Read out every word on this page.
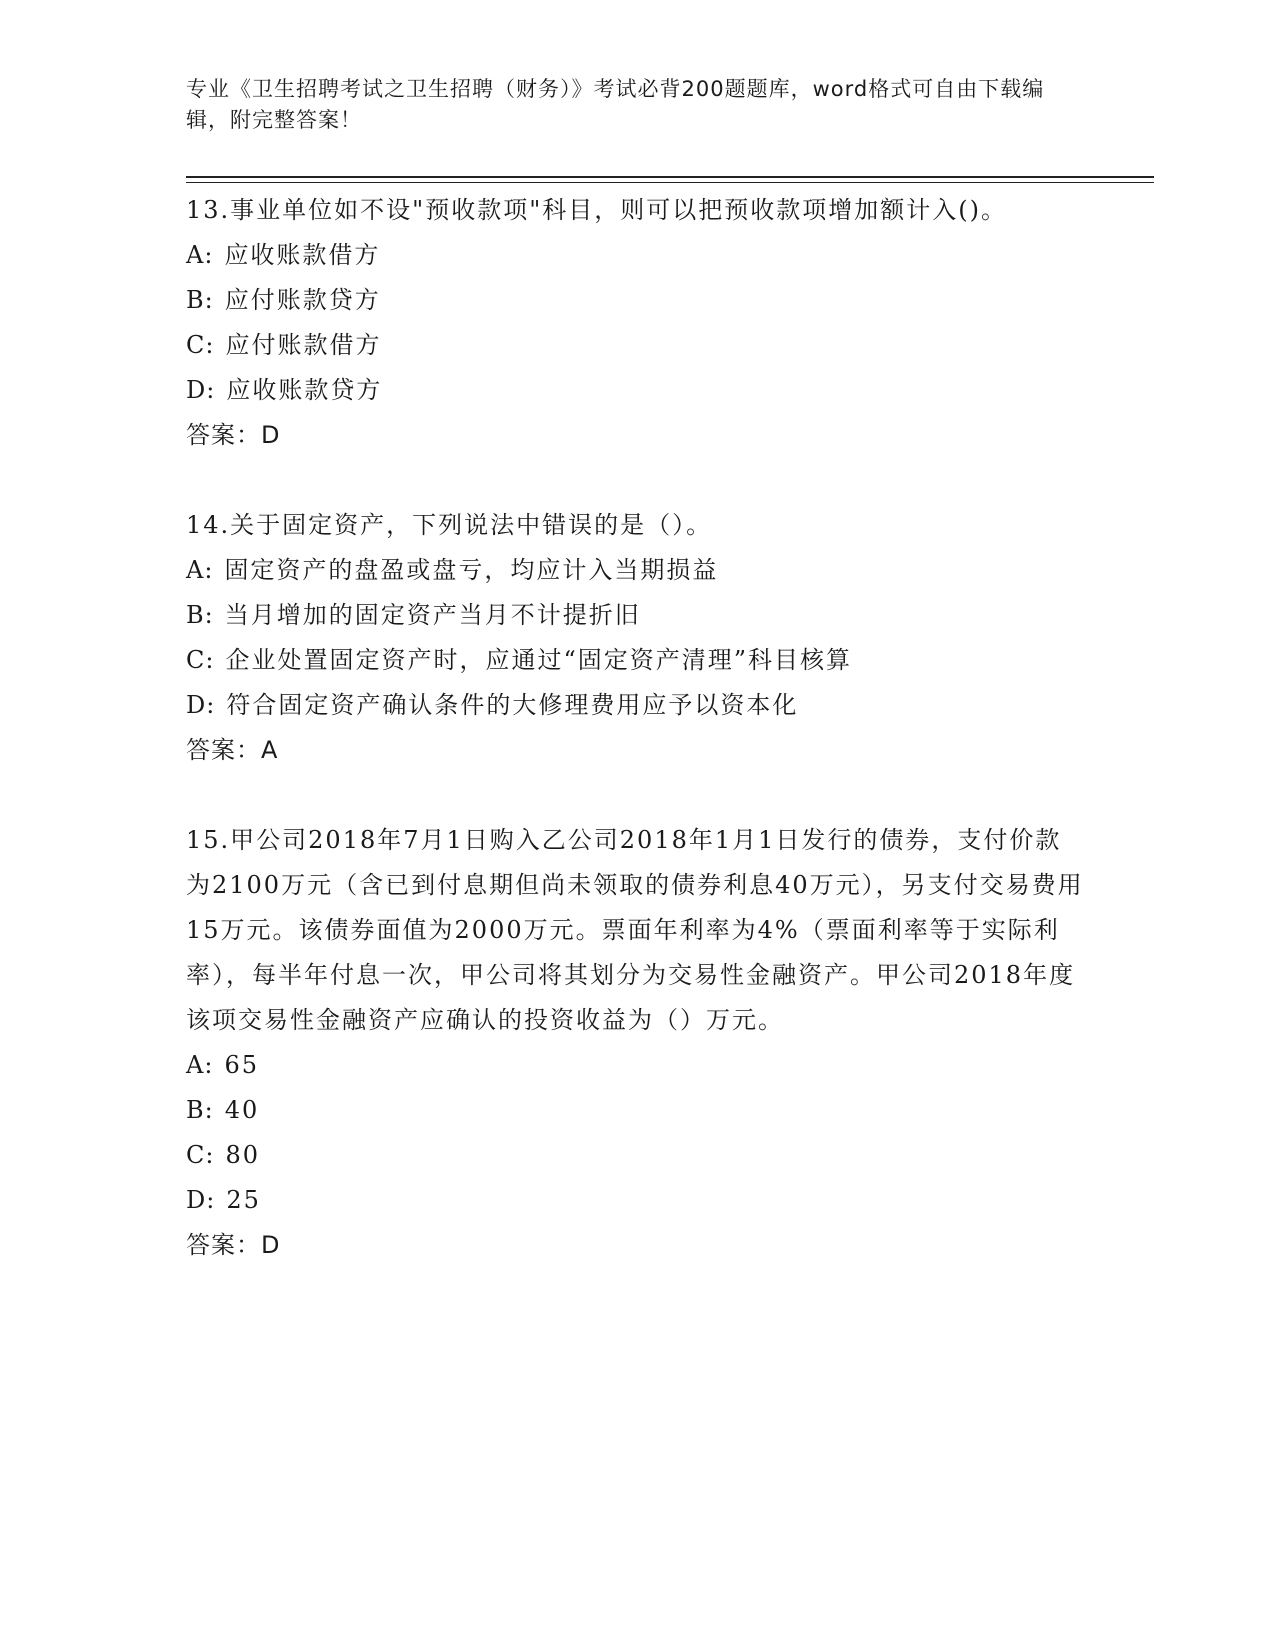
专业《卫生招聘考试之卫生招聘（财务）》考试必背200题题库，word格式可自由下载编辑，附完整答案！

13.事业单位如不设"预收款项"科目，则可以把预收款项增加额计入()。

A: 应收账款借方

B: 应付账款贷方

C: 应付账款借方

D: 应收账款贷方

答案：D

14.关于固定资产，下列说法中错误的是（）。

A: 固定资产的盘盈或盘亏，均应计入当期损益

B: 当月增加的固定资产当月不计提折旧

C: 企业处置固定资产时，应通过“固定资产清理”科目核算

D: 符合固定资产确认条件的大修理费用应予以资本化

答案：A

15.甲公司2018年7月1日购入乙公司2018年1月1日发行的债券，支付价款为2100万元（含已到付息期但尚未领取的债券利息40万元），另支付交易费用15万元。该债券面值为2000万元。票面年利率为4%（票面利率等于实际利率），每半年付息一次，甲公司将其划分为交易性金融资产。甲公司2018年度该项交易性金融资产应确认的投资收益为（）万元。

A: 65

B: 40

C: 80

D: 25

答案：D
